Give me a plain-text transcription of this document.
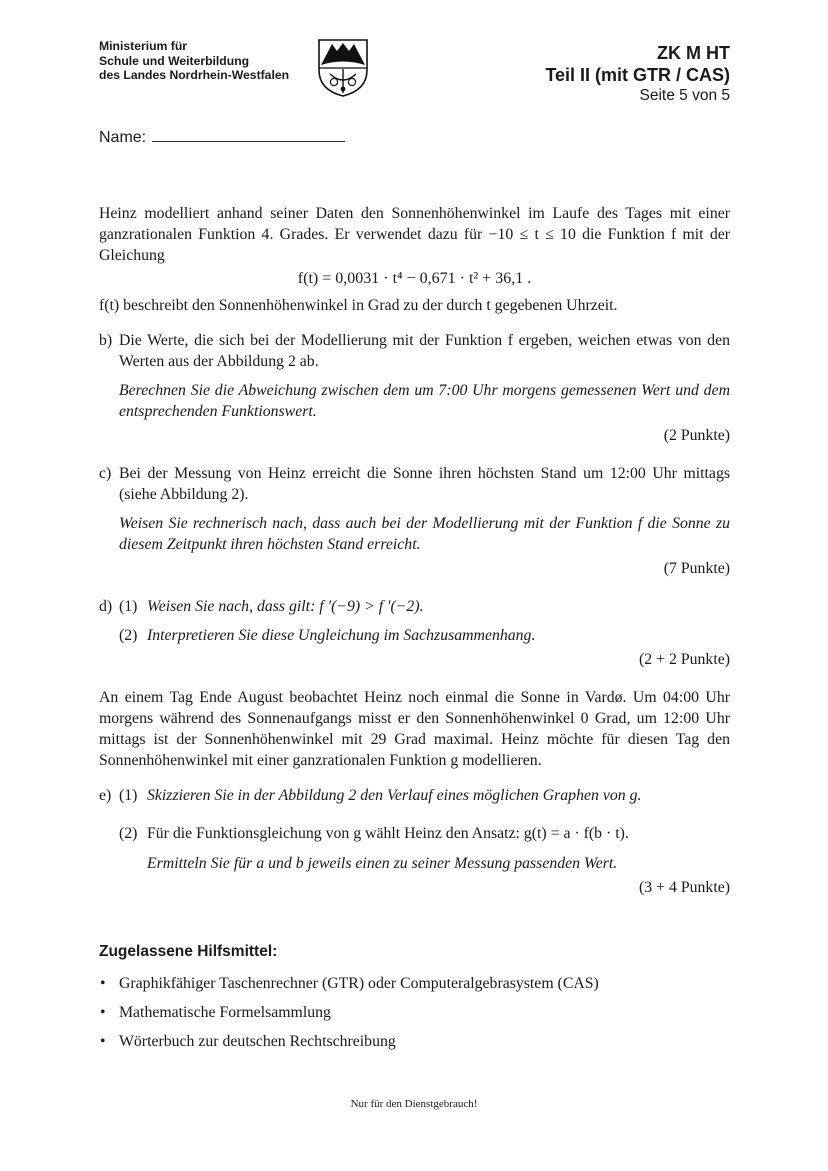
Ministerium für
Schule und Weiterbildung
des Landes Nordrhein-Westfalen
ZK M HT
Teil II (mit GTR / CAS)
Seite 5 von 5
Name:
Heinz modelliert anhand seiner Daten den Sonnenhöhenwinkel im Laufe des Tages mit einer ganzrationalen Funktion 4. Grades. Er verwendet dazu für −10 ≤ t ≤ 10 die Funktion f mit der Gleichung
f(t) = 0,0031 · t⁴ − 0,671 · t² + 36,1 .
f(t) beschreibt den Sonnenhöhenwinkel in Grad zu der durch t gegebenen Uhrzeit.
b) Die Werte, die sich bei der Modellierung mit der Funktion f ergeben, weichen etwas von den Werten aus der Abbildung 2 ab.
Berechnen Sie die Abweichung zwischen dem um 7:00 Uhr morgens gemessenen Wert und dem entsprechenden Funktionswert.
(2 Punkte)
c) Bei der Messung von Heinz erreicht die Sonne ihren höchsten Stand um 12:00 Uhr mittags (siehe Abbildung 2).
Weisen Sie rechnerisch nach, dass auch bei der Modellierung mit der Funktion f die Sonne zu diesem Zeitpunkt ihren höchsten Stand erreicht.
(7 Punkte)
d) (1) Weisen Sie nach, dass gilt: f ′(−9) > f ′(−2).
(2) Interpretieren Sie diese Ungleichung im Sachzusammenhang.
(2 + 2 Punkte)
An einem Tag Ende August beobachtet Heinz noch einmal die Sonne in Vardø. Um 04:00 Uhr morgens während des Sonnenaufgangs misst er den Sonnenhöhenwinkel 0 Grad, um 12:00 Uhr mittags ist der Sonnenhöhenwinkel mit 29 Grad maximal. Heinz möchte für diesen Tag den Sonnenhöhenwinkel mit einer ganzrationalen Funktion g modellieren.
e) (1) Skizzieren Sie in der Abbildung 2 den Verlauf eines möglichen Graphen von g.
(2) Für die Funktionsgleichung von g wählt Heinz den Ansatz: g(t) = a · f(b · t).
Ermitteln Sie für a und b jeweils einen zu seiner Messung passenden Wert.
(3 + 4 Punkte)
Zugelassene Hilfsmittel:
• Graphikfähiger Taschenrechner (GTR) oder Computeralgebrasystem (CAS)
• Mathematische Formelsammlung
• Wörterbuch zur deutschen Rechtschreibung
Nur für den Dienstgebrauch!
